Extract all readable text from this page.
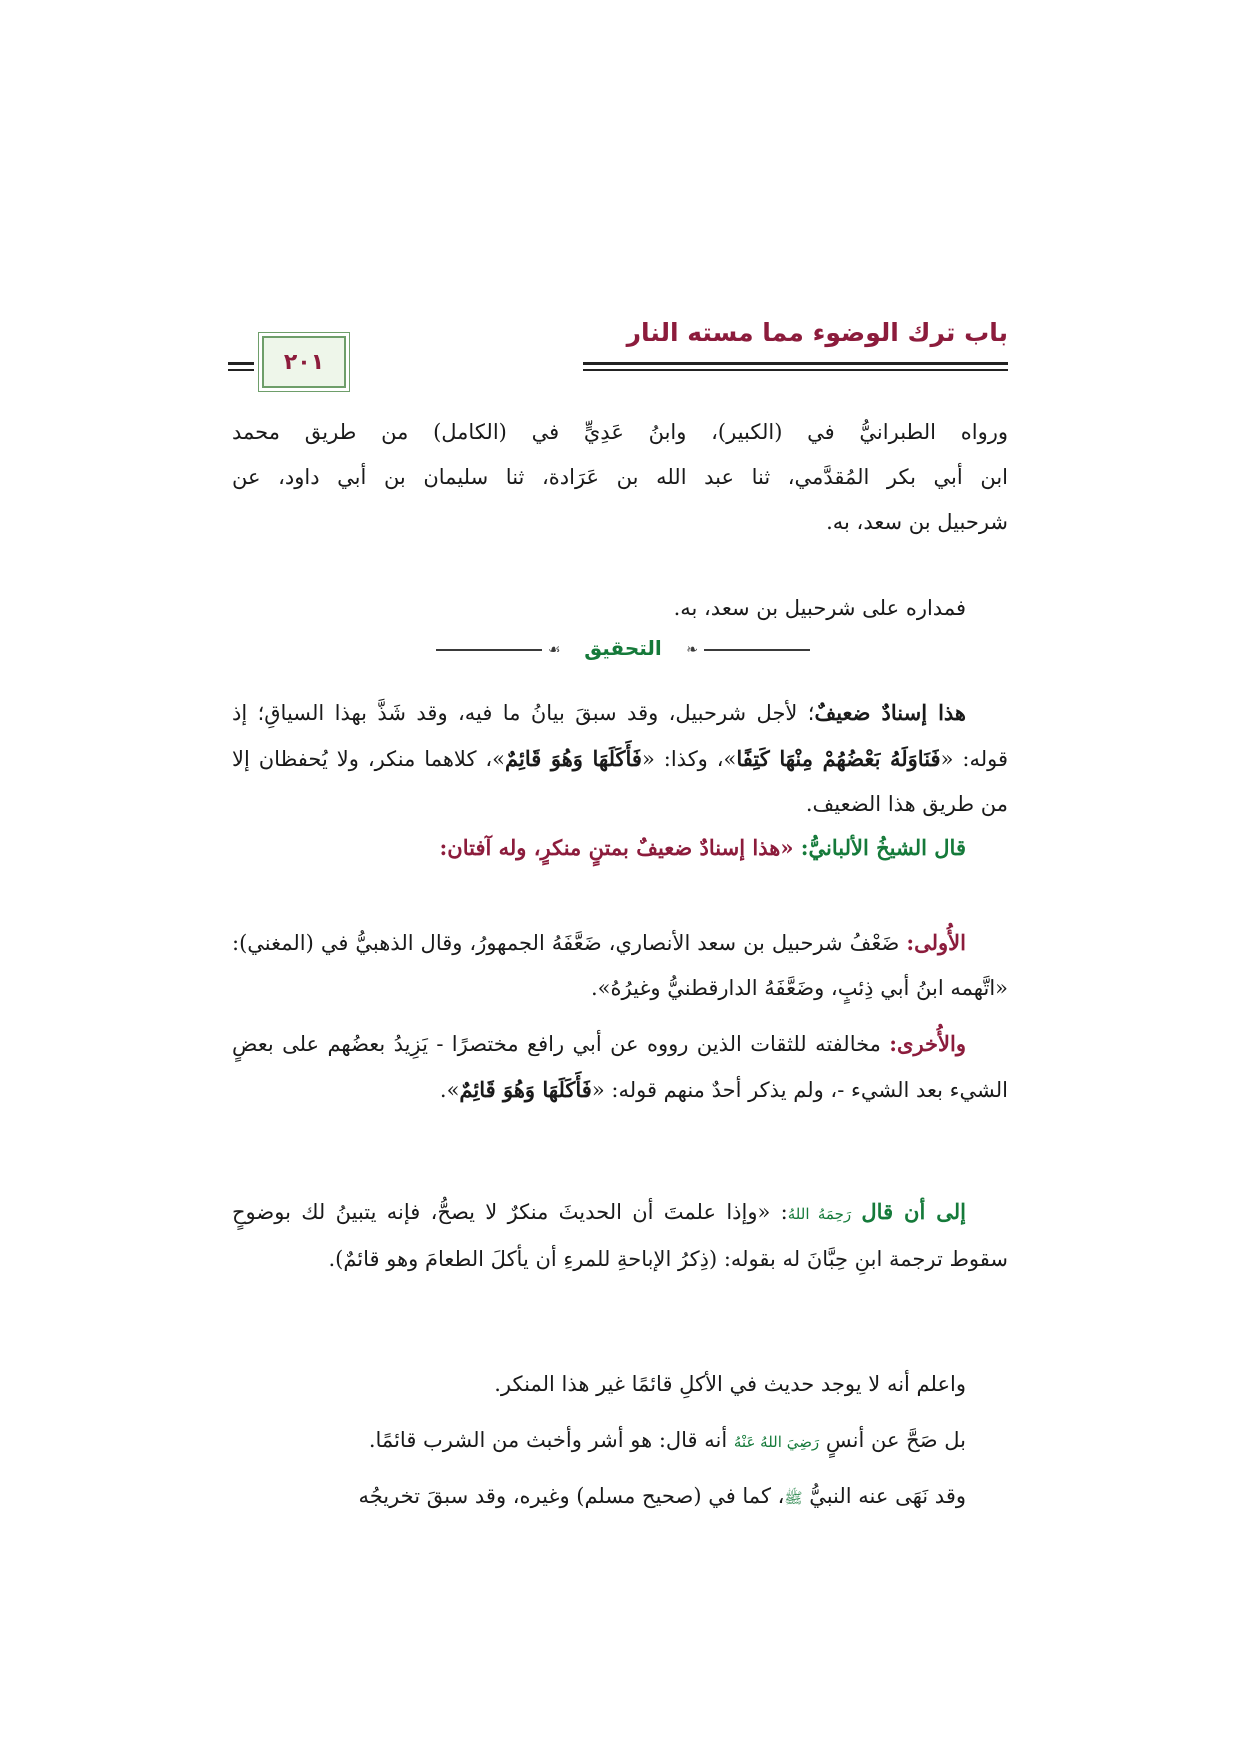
باب ترك الوضوء مما مسته النار
٢٠١
ورواه الطبرانيُّ في (الكبير)، وابنُ عَدِيٍّ في (الكامل) من طريق محمد
ابن أبي بكر المُقدَّمي، ثنا عبد الله بن عَرَادة، ثنا سليمان بن أبي داود، عن
شرحبيل بن سعد، به.
فمداره على شرحبيل بن سعد، به.
❧
التحقيق
☙

هذا إسنادٌ ضعيفٌ؛ لأجل شرحبيل، وقد سبقَ بيانُ ما فيه، وقد شَذَّ بهذا السياقِ؛ إذ قوله: «فَنَاوَلَهُ بَعْضُهُمْ مِنْهَا كَتِفًا»، وكذا: «فَأَكَلَهَا وَهُوَ قَائِمٌ»، كلاهما منكر، ولا يُحفظان إلا من طريق هذا الضعيف.

قال الشيخُ الألبانيُّ: «هذا إسنادٌ ضعيفٌ بمتنٍ منكرٍ، وله آفتان:

الأُولى: ضَعْفُ شرحبيل بن سعد الأنصاري، ضَعَّفَهُ الجمهورُ، وقال الذهبيُّ في (المغني): «اتَّهمه ابنُ أبي ذِئبٍ، وضَعَّفَهُ الدارقطنيُّ وغيرُهُ».

والأُخرى: مخالفته للثقات الذين رووه عن أبي رافع مختصرًا - يَزِيدُ بعضُهم على بعضٍ الشيء بعد الشيء -، ولم يذكر أحدٌ منهم قوله: «فَأَكَلَهَا وَهُوَ قَائِمٌ».

إلى أن قال رَحِمَهُ اللهُ: «وإذا علمتَ أن الحديثَ منكرٌ لا يصحُّ، فإنه يتبينُ لك بوضوحٍ سقوط ترجمة ابنِ حِبَّانَ له بقوله: (ذِكرُ الإباحةِ للمرءِ أن يأكلَ الطعامَ وهو قائمٌ).

واعلم أنه لا يوجد حديث في الأكلِ قائمًا غير هذا المنكر.

بل صَحَّ عن أنسٍ رَضِيَ اللهُ عَنْهُ أنه قال: هو أشر وأخبث من الشرب قائمًا.

وقد نَهَى عنه النبيُّ ﷺ، كما في (صحيح مسلم) وغيره، وقد سبقَ تخريجُه
